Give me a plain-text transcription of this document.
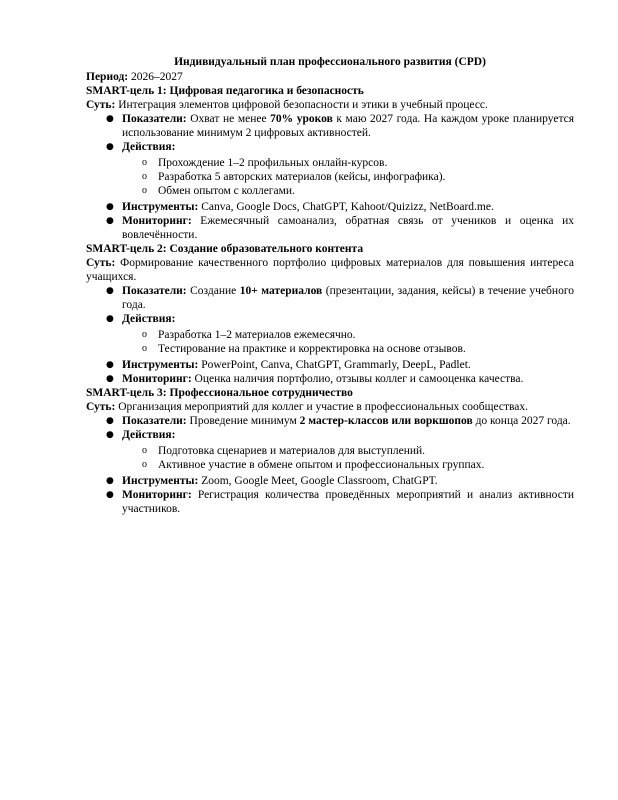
Индивидуальный план профессионального развития (CPD)

Период: 2026–2027

SMART-цель 1: Цифровая педагогика и безопасность

Суть: Интеграция элементов цифровой безопасности и этики в учебный процесс.

● Показатели: Охват не менее 70% уроков к маю 2027 года. На каждом уроке планируется использование минимум 2 цифровых активностей.
● Действия:
o Прохождение 1–2 профильных онлайн-курсов.
o Разработка 5 авторских материалов (кейсы, инфографика).
o Обмен опытом с коллегами.
● Инструменты: Canva, Google Docs, ChatGPT, Kahoot/Quizizz, NetBoard.me.
● Мониторинг: Ежемесячный самоанализ, обратная связь от учеников и оценка их вовлечённости.

SMART-цель 2: Создание образовательного контента

Суть: Формирование качественного портфолио цифровых материалов для повышения интереса учащихся.

● Показатели: Создание 10+ материалов (презентации, задания, кейсы) в течение учебного года.
● Действия:
o Разработка 1–2 материалов ежемесячно.
o Тестирование на практике и корректировка на основе отзывов.
● Инструменты: PowerPoint, Canva, ChatGPT, Grammarly, DeepL, Padlet.
● Мониторинг: Оценка наличия портфолио, отзывы коллег и самооценка качества.

SMART-цель 3: Профессиональное сотрудничество

Суть: Организация мероприятий для коллег и участие в профессиональных сообществах.

● Показатели: Проведение минимум 2 мастер-классов или воркшопов до конца 2027 года.
● Действия:
o Подготовка сценариев и материалов для выступлений.
o Активное участие в обмене опытом и профессиональных группах.
● Инструменты: Zoom, Google Meet, Google Classroom, ChatGPT.
● Мониторинг: Регистрация количества проведённых мероприятий и анализ активности участников.
